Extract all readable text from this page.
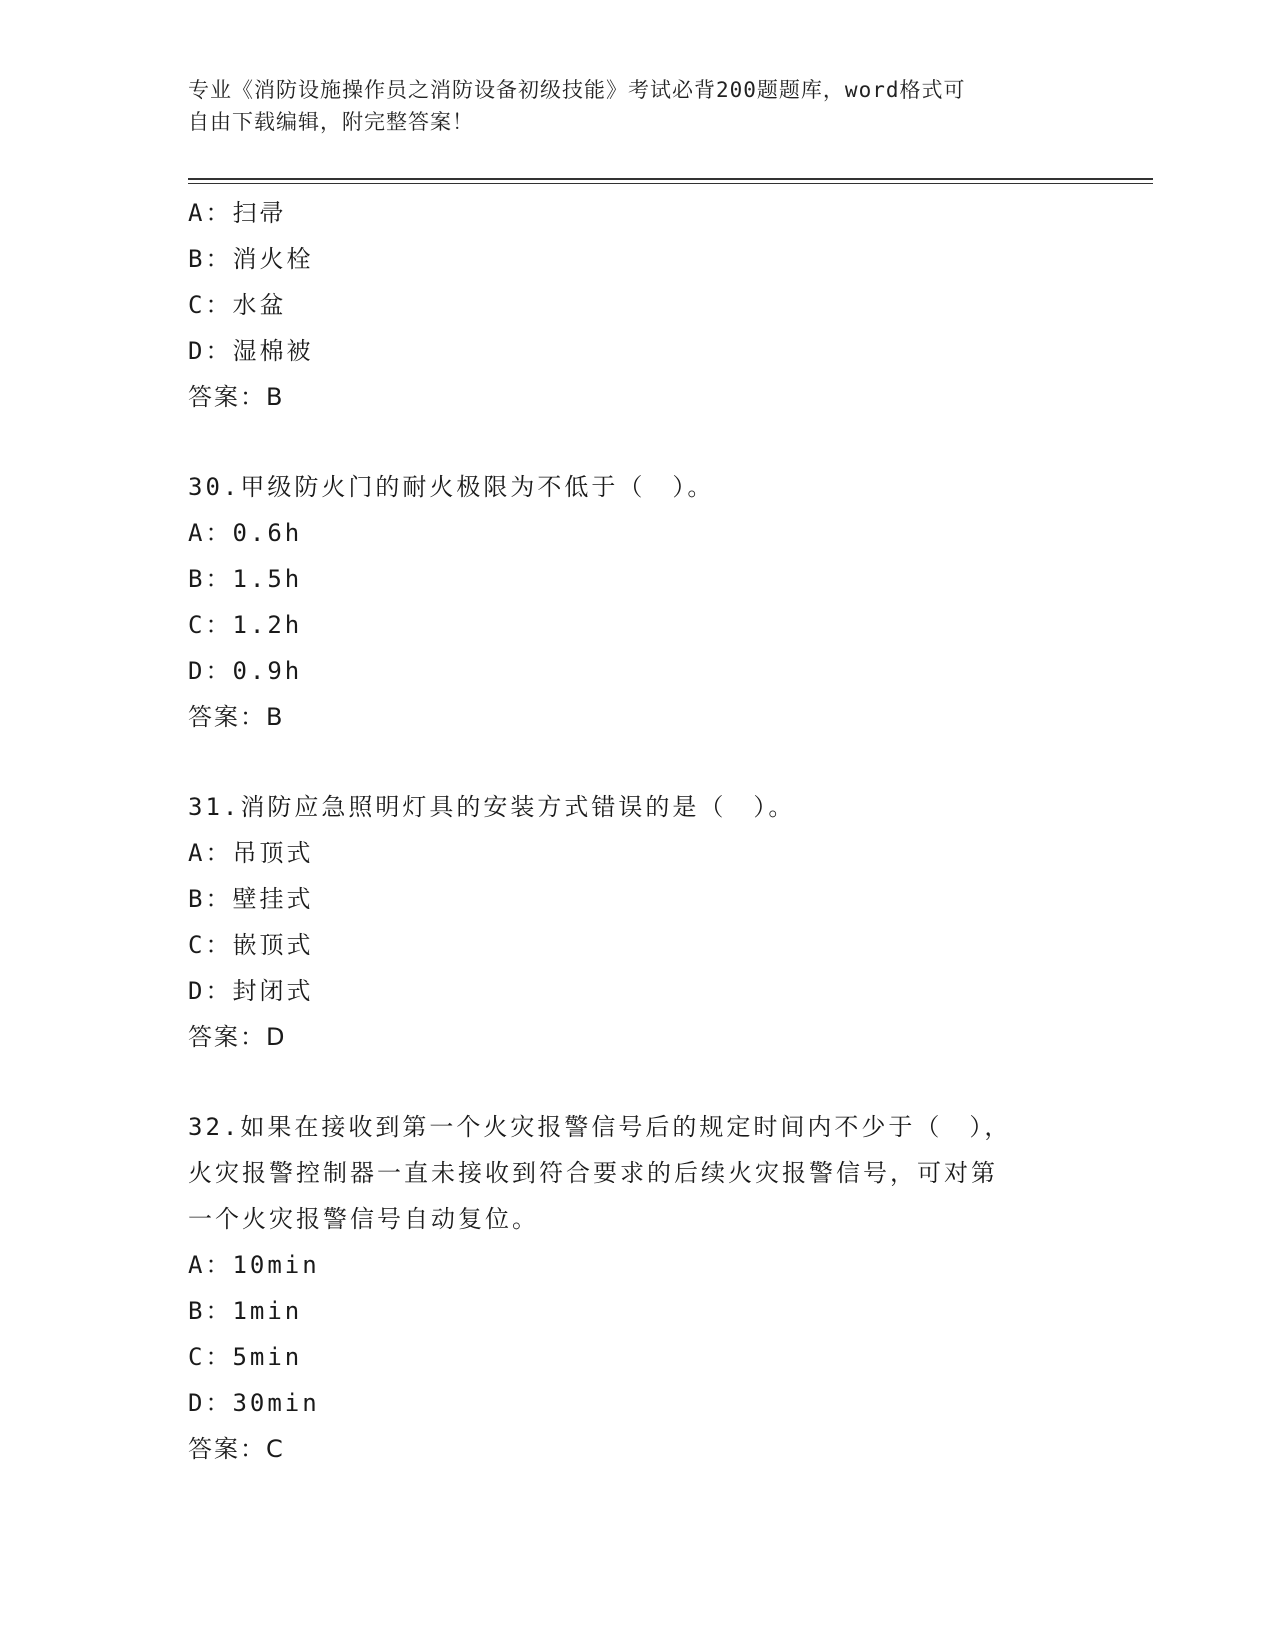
专业《消防设施操作员之消防设备初级技能》考试必背200题题库，word格式可
自由下载编辑，附完整答案！
A：扫帚
B：消火栓
C：水盆
D：湿棉被
答案：B
30.甲级防火门的耐火极限为不低于（　）。
A：0.6h
B：1.5h
C：1.2h
D：0.9h
答案：B
31.消防应急照明灯具的安装方式错误的是（　）。
A：吊顶式
B：壁挂式
C：嵌顶式
D：封闭式
答案：D
32.如果在接收到第一个火灾报警信号后的规定时间内不少于（　），
火灾报警控制器一直未接收到符合要求的后续火灾报警信号，可对第
一个火灾报警信号自动复位。
A：10min
B：1min
C：5min
D：30min
答案：C
